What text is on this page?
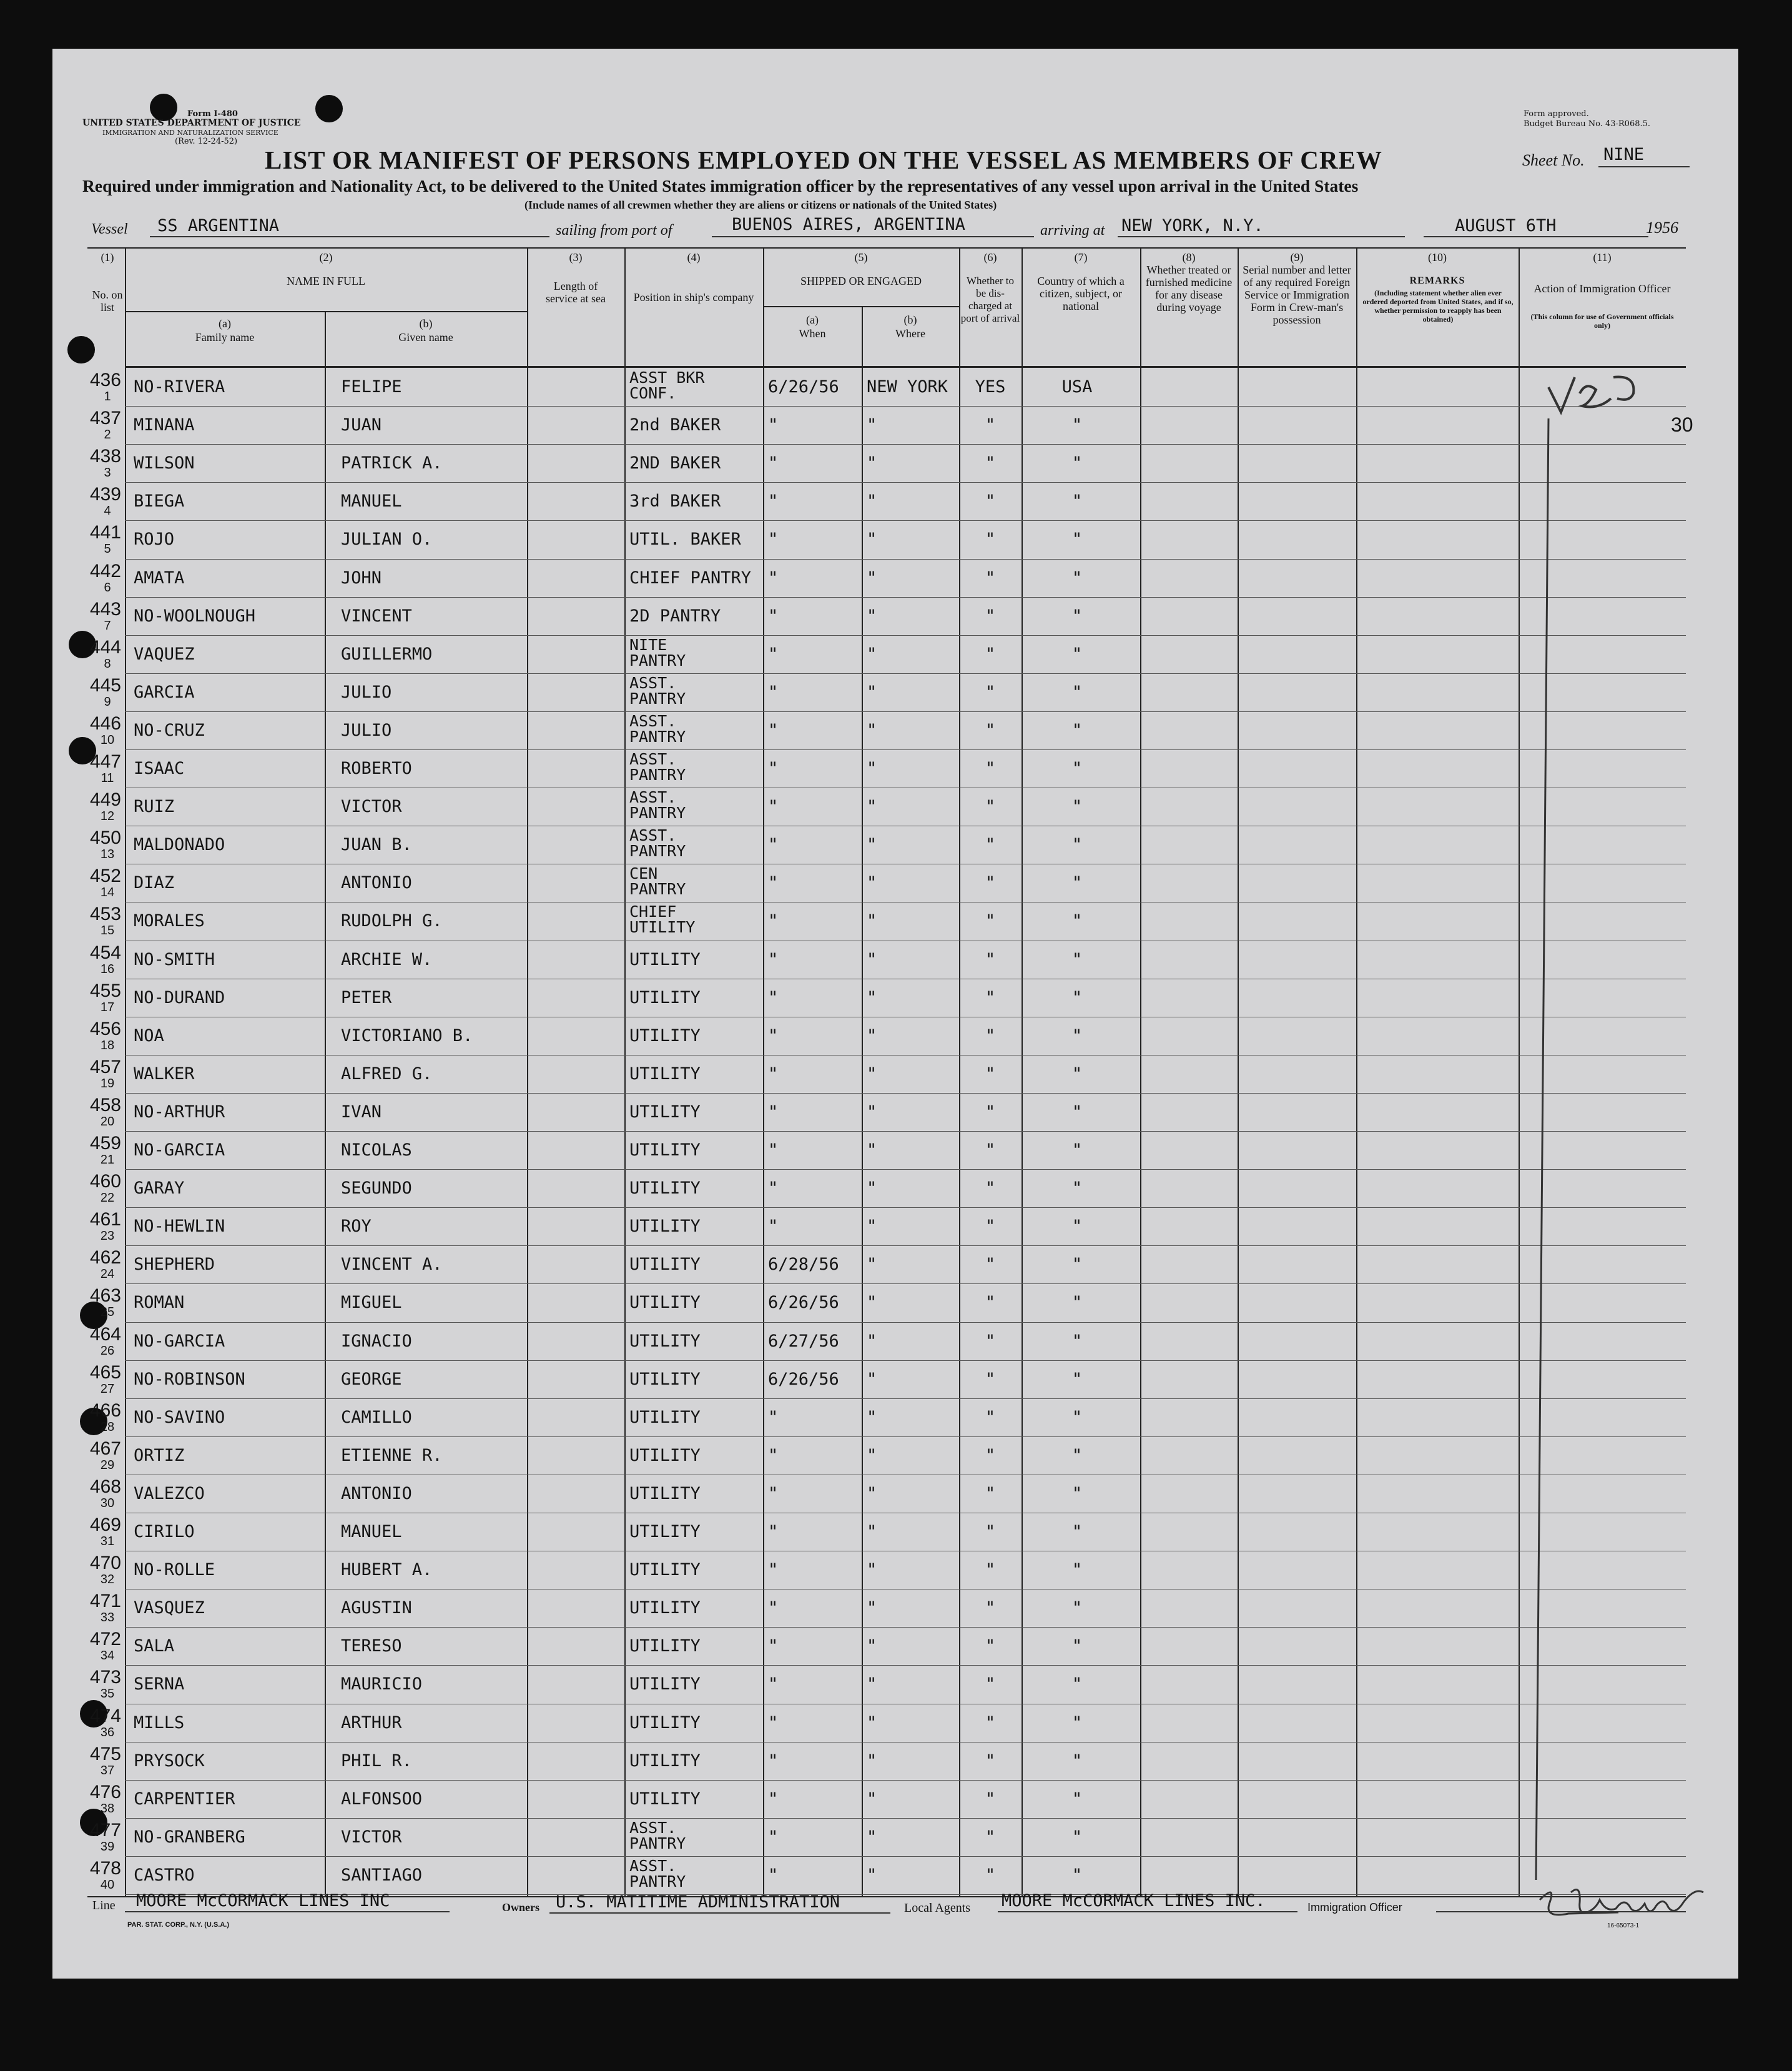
Form I-480
UNITED STATES DEPARTMENT OF JUSTICE
IMMIGRATION AND NATURALIZATION SERVICE
(Rev. 12-24-52)
Form approved.
Budget Bureau No. 43-R068.5.
LIST OR MANIFEST OF PERSONS EMPLOYED ON THE VESSEL AS MEMBERS OF CREW	Sheet No. NINE
Required under immigration and Nationality Act, to be delivered to the United States immigration officer by the representatives of any vessel upon arrival in the United States
(Include names of all crewmen whether they are aliens or citizens or nationals of the United States)
Vessel SS ARGENTINA	sailing from port of	BUENOS AIRES, ARGENTINA	arriving at NEW YORK, N.Y.	AUGUST 6TH	1956
(1)
No. on list
(2)
NAME IN FULL
(a)
Family name
(b)
Given name
(3)
Length of service at sea
(4)
Position in ship's company
(5)
SHIPPED OR ENGAGED
(a)
When
(b)
Where
(6)
Whether to be dis-charged at port of arrival
(7)
Country of which a citizen, subject, or national
(8)
Whether treated or furnished medicine for any disease during voyage
(9)
Serial number and letter of any required Foreign Service or Immigration Form in Crew-man's possession
(10)
REMARKS
(Including statement whether alien ever ordered deported from United States, and if so, whether permission to reapply has been obtained)
(11)
Action of Immigration Officer
(This column for use of Government officials only)
436
1	NO-RIVERA	FELIPE	ASST BKR
CONF.	6/26/56 NEW YORK YES	USA
437
2	MINANA	JUAN	2nd BAKER	"	"	"	"
438
3	WILSON	PATRICK A.	2ND BAKER	"	"	"	"
439
4	BIEGA	MANUEL	3rd BAKER	"	"	"	"
441
5	ROJO	JULIAN O.	UTIL. BAKER "	"	"	"
442
6	AMATA	JOHN	CHIEF PANTRY "	"	"	"
443
7	NO-WOOLNOUGH	VINCENT	2D PANTRY	"	"	"	"
444
8	VAQUEZ	GUILLERMO	NITE
PANTRY	"	"	"	"
445
9	GARCIA	JULIO	ASST.
PANTRY	"	"	"	"
446
10	NO-CRUZ	JULIO	ASST.
PANTRY	"	"	"	"
447
11	ISAAC	ROBERTO	ASST.
PANTRY	"	"	"	"
449
12	RUIZ	VICTOR	ASST.
PANTRY	"	"	"	"
450
13	MALDONADO	JUAN B.	ASST.
PANTRY	"	"	"	"
452
14	DIAZ	ANTONIO	CEN
PANTRY	"	"	"	"
453
15	MORALES	RUDOLPH G.	CHIEF
UTILITY	"	"	"	"
454
16	NO-SMITH	ARCHIE W.	UTILITY	"	"	"	"
455
17	NO-DURAND	PETER	UTILITY	"	"	"	"
456
18	NOA	VICTORIANO B.	UTILITY	"	"	"	"
457
19	WALKER	ALFRED G.	UTILITY	"	"	"	"
458
20	NO-ARTHUR	IVAN	UTILITY	"	"	"	"
459
21	NO-GARCIA	NICOLAS	UTILITY	"	"	"	"
460
22	GARAY	SEGUNDO	UTILITY	"	"	"	"
461
23	NO-HEWLIN	ROY	UTILITY	"	"	"	"
462
24	SHEPHERD	VINCENT A.	UTILITY	6/28/56 "	"	"
463
25	ROMAN	MIGUEL	UTILITY	6/26/56 "	"	"
464
26	NO-GARCIA	IGNACIO	UTILITY	6/27/56 "	"	"
465
27	NO-ROBINSON	GEORGE	UTILITY	6/26/56 "	"	"
466
28	NO-SAVINO	CAMILLO	UTILITY	"	"	"	"
467
29	ORTIZ	ETIENNE R.	UTILITY	"	"	"	"
468
30	VALEZCO	ANTONIO	UTILITY	"	"	"	"
469
31	CIRILO	MANUEL	UTILITY	"	"	"	"
470
32	NO-ROLLE	HUBERT A.	UTILITY	"	"	"	"
471
33	VASQUEZ	AGUSTIN	UTILITY	"	"	"	"
472
34	SALA	TERESO	UTILITY	"	"	"	"
473
35	SERNA	MAURICIO	UTILITY	"	"	"	"
474
36	MILLS	ARTHUR	UTILITY	"	"	"	"
475
37	PRYSOCK	PHIL R.	UTILITY	"	"	"	"
476
38	CARPENTIER	ALFONSOO	UTILITY	"	"	"	"
477
39	NO-GRANBERG	VICTOR	ASST.
PANTRY	"	"	"	"
478
40	CASTRO	SANTIAGO	ASST.
PANTRY	"	"	"	"
30
Line MOORE McCORMACK LINES INC	Owners U.S. MATITIME ADMINISTRATION	Local Agents MOORE McCORMACK LINES INC.	Immigration Officer
PAR. STAT. CORP., N.Y. (U.S.A.)	16-65073-1
